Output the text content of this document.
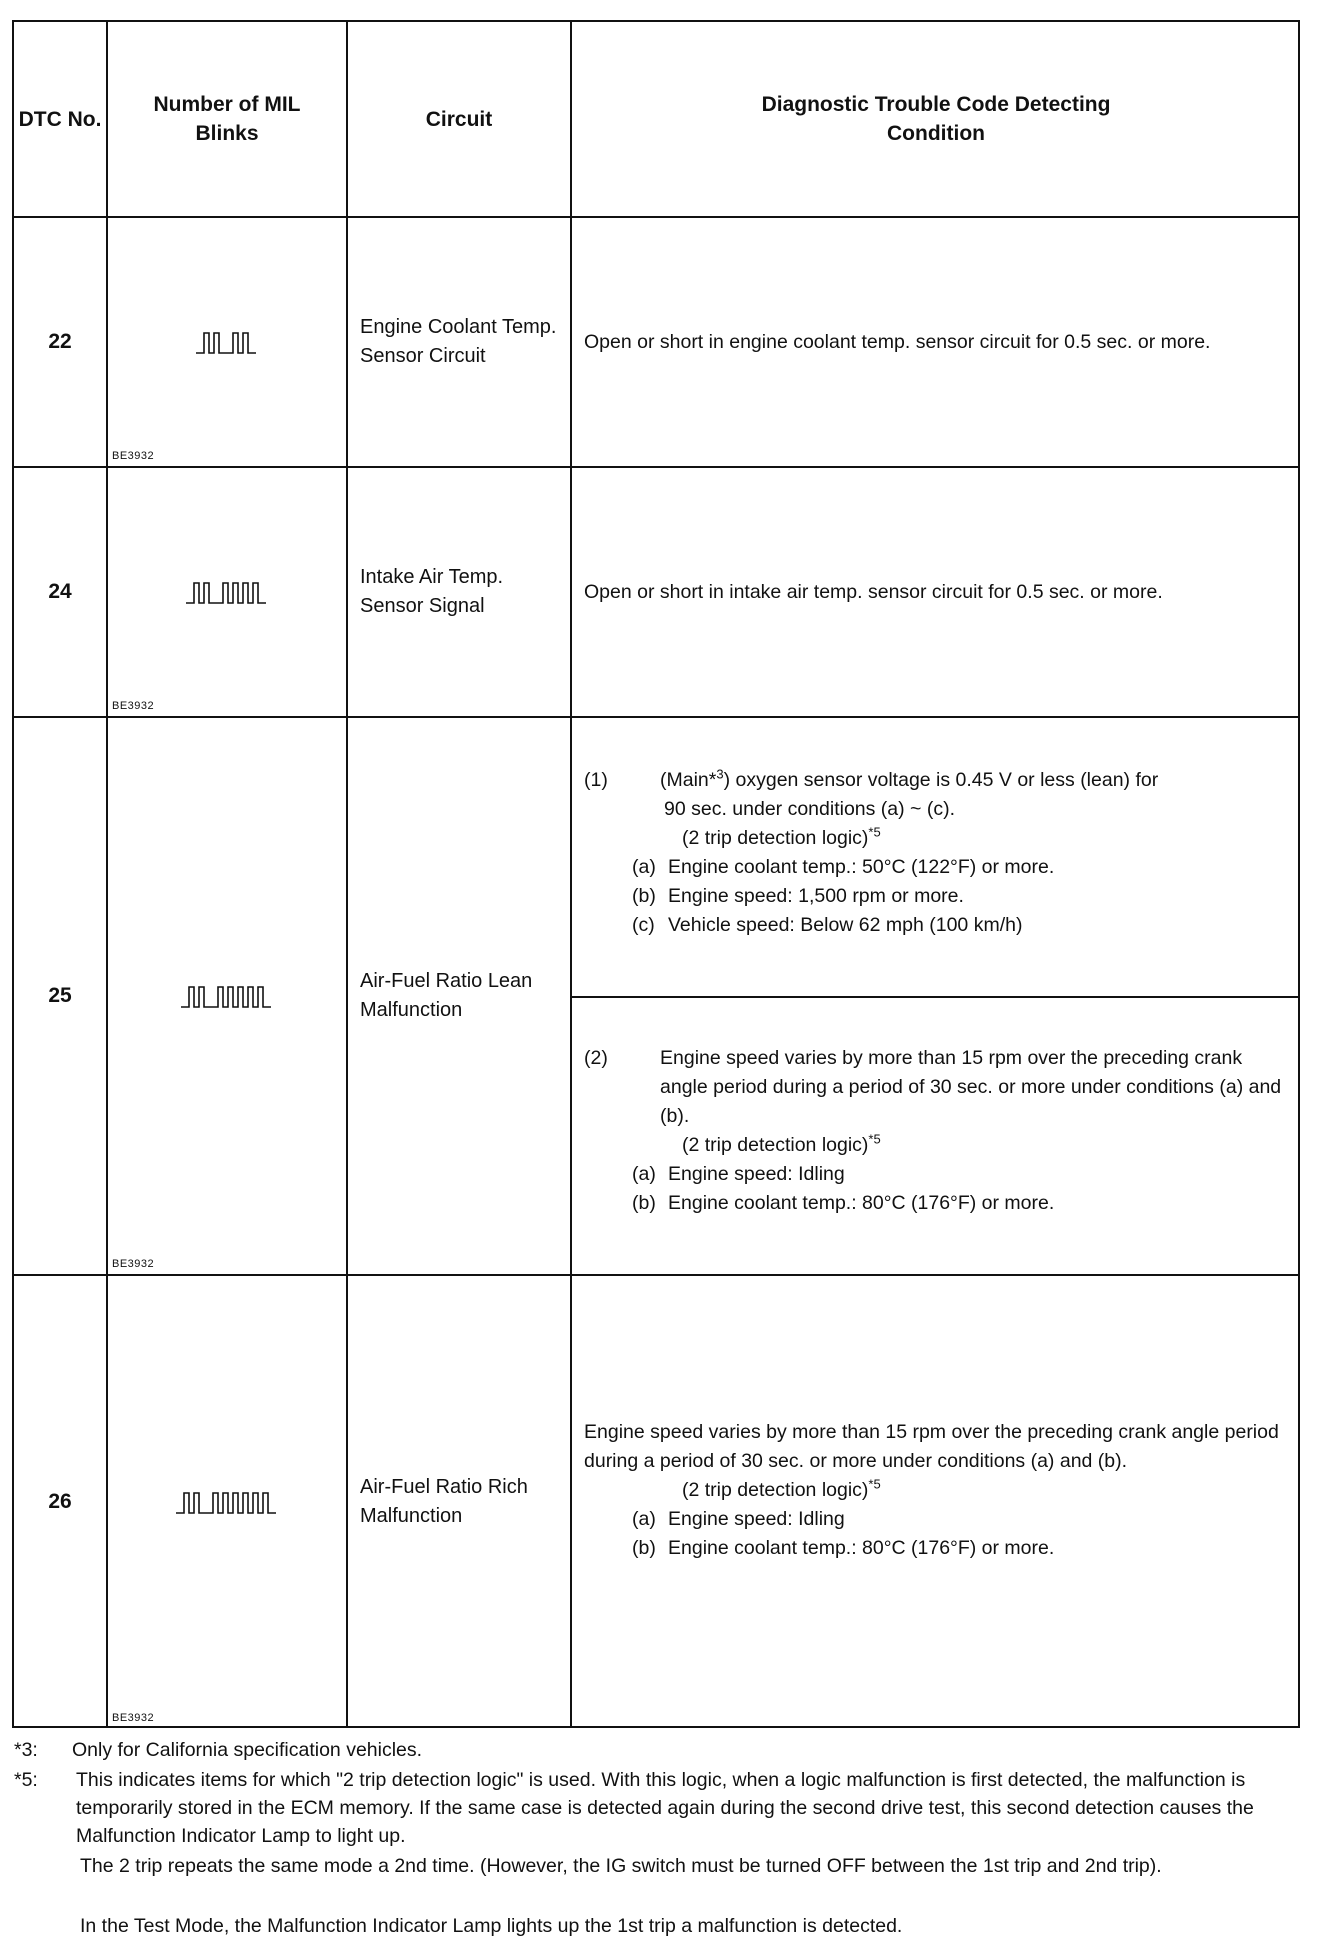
DTC No.
Number of MIL Blinks
Circuit
Diagnostic Trouble Code Detecting Condition
22
BE3932
Engine Coolant Temp. Sensor Circuit
Open or short in engine coolant temp. sensor circuit for 0.5 sec. or more.
24
BE3932
Intake Air Temp. Sensor Signal
Open or short in intake air temp. sensor circuit for 0.5 sec. or more.
25
BE3932
Air-Fuel Ratio Lean Malfunction
(1)	(Main*$^3$) oxygen sensor voltage is 0.45 V or less (lean) for
90 sec. under conditions (a) ~ (c).
(2 trip detection logic)$^{*5}$
(a) Engine coolant temp.: 50°C (122°F) or more.
(b) Engine speed: 1,500 rpm or more.
(c) Vehicle speed: Below 62 mph (100 km/h)
(2)	Engine speed varies by more than 15 rpm over the preceding crank angle period during a period of 30 sec. or more under conditions (a) and (b).
(2 trip detection logic)$^{*5}$
(a) Engine speed: Idling
(b) Engine coolant temp.: 80°C (176°F) or more.
26
BE3932
Air-Fuel Ratio Rich Malfunction
Engine speed varies by more than 15 rpm over the preceding crank angle period during a period of 30 sec. or more under conditions (a) and (b).
(2 trip detection logic)$^{*5}$
(a) Engine speed: Idling
(b) Engine coolant temp.: 80°C (176°F) or more.
*3: Only for California specification vehicles.
*5: This indicates items for which "2 trip detection logic" is used. With this logic, when a logic malfunction is first detected, the malfunction is temporarily stored in the ECM memory. If the same case is detected again during the second drive test, this second detection causes the Malfunction Indicator Lamp to light up.
The 2 trip repeats the same mode a 2nd time. (However, the IG switch must be turned OFF between the 1st trip and 2nd trip).
In the Test Mode, the Malfunction Indicator Lamp lights up the 1st trip a malfunction is detected.
